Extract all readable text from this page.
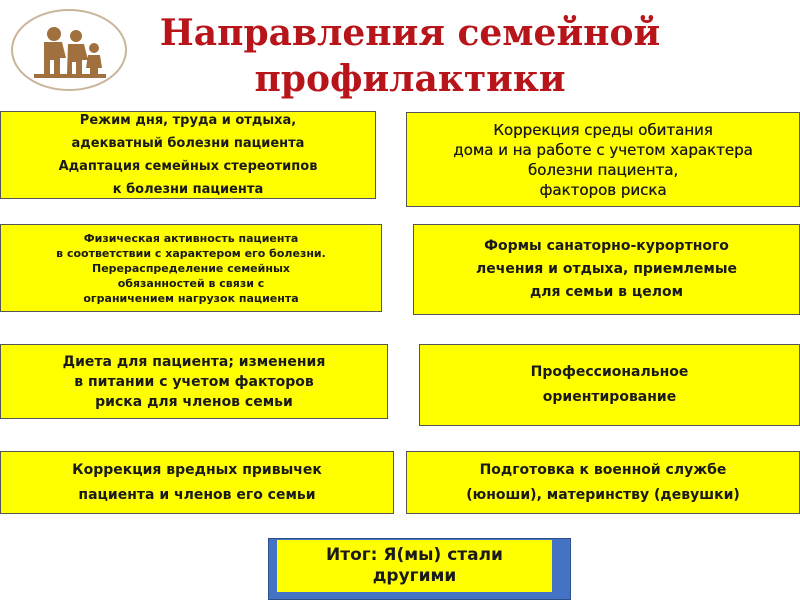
Направления семейной
профилактики
Режим дня, труда и отдыха,
адекватный болезни пациента
Адаптация семейных стереотипов
к болезни пациента
Коррекция среды обитания
дома и на работе с учетом характера
болезни пациента,
факторов риска
Физическая активность пациента
в соответствии с характером его болезни.
Перераспределение семейных
обязанностей в связи с
ограничением нагрузок пациента
Формы санаторно-курортного
лечения и отдыха, приемлемые
для семьи в целом
Диета для пациента; изменения
в питании с учетом факторов
риска для членов семьи
Профессиональное
ориентирование
Коррекция вредных привычек
пациента и членов его семьи
Подготовка к военной службе
(юноши), материнству (девушки)
Итог: Я(мы) стали
другими
